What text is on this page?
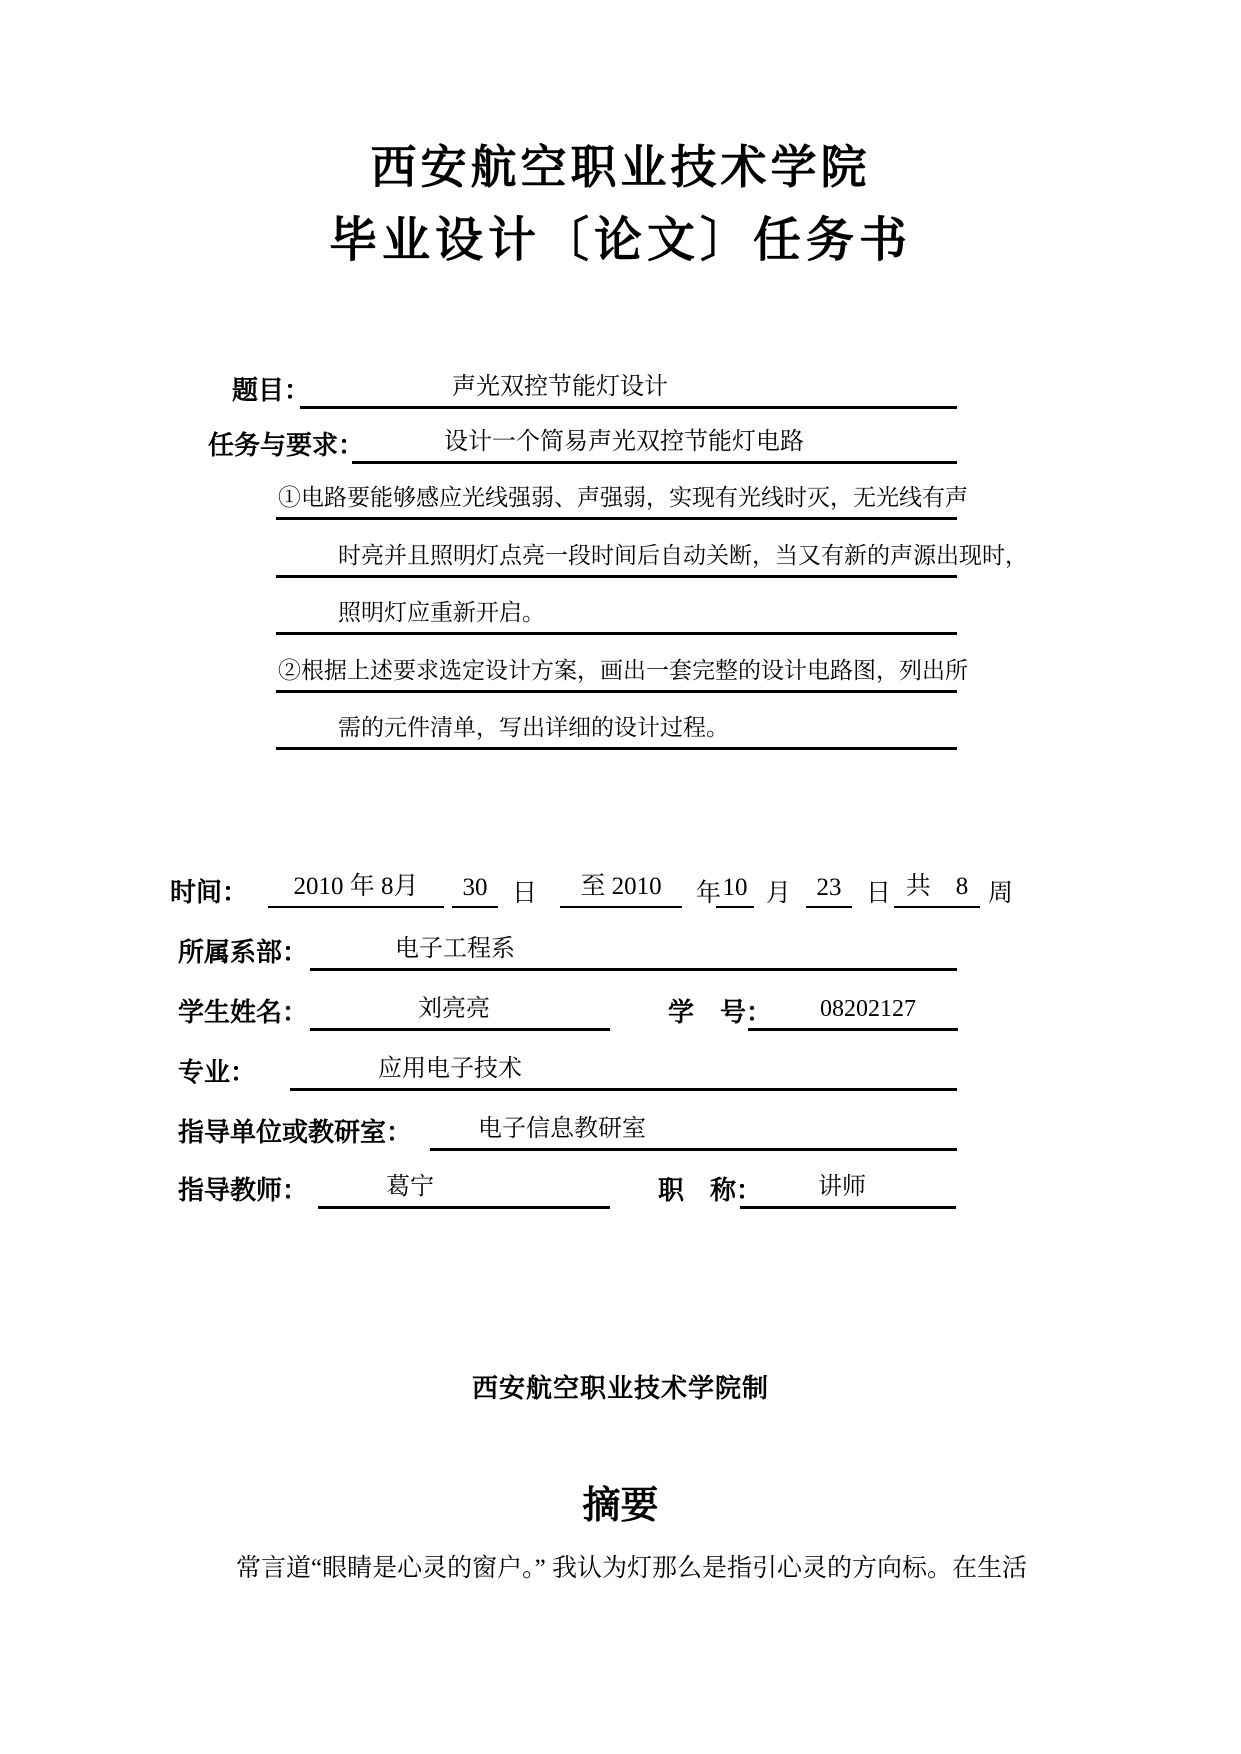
西安航空职业技术学院
毕业设计〔论文〕任务书
题目：	声光双控节能灯设计
任务与要求：	设计一个简易声光双控节能灯电路
①电路要能够感应光线强弱、声强弱，实现有光线时灭，无光线有声
时亮并且照明灯点亮一段时间后自动关断，当又有新的声源出现时，
照明灯应重新开启。
②根据上述要求选定设计方案，画出一套完整的设计电路图，列出所
需的元件清单，写出详细的设计过程。
时间： 2010 年 8月 30 日 至 2010 年 10 月 23 日 共　8 周
所属系部：	电子工程系
学生姓名：	刘亮亮	学　号：	08202127
专业：	应用电子技术
指导单位或教研室：	电子信息教研室
指导教师：	葛宁	职　称：	讲师
西安航空职业技术学院制
摘要
常言道“眼睛是心灵的窗户。” 我认为灯那么是指引心灵的方向标。在生活
